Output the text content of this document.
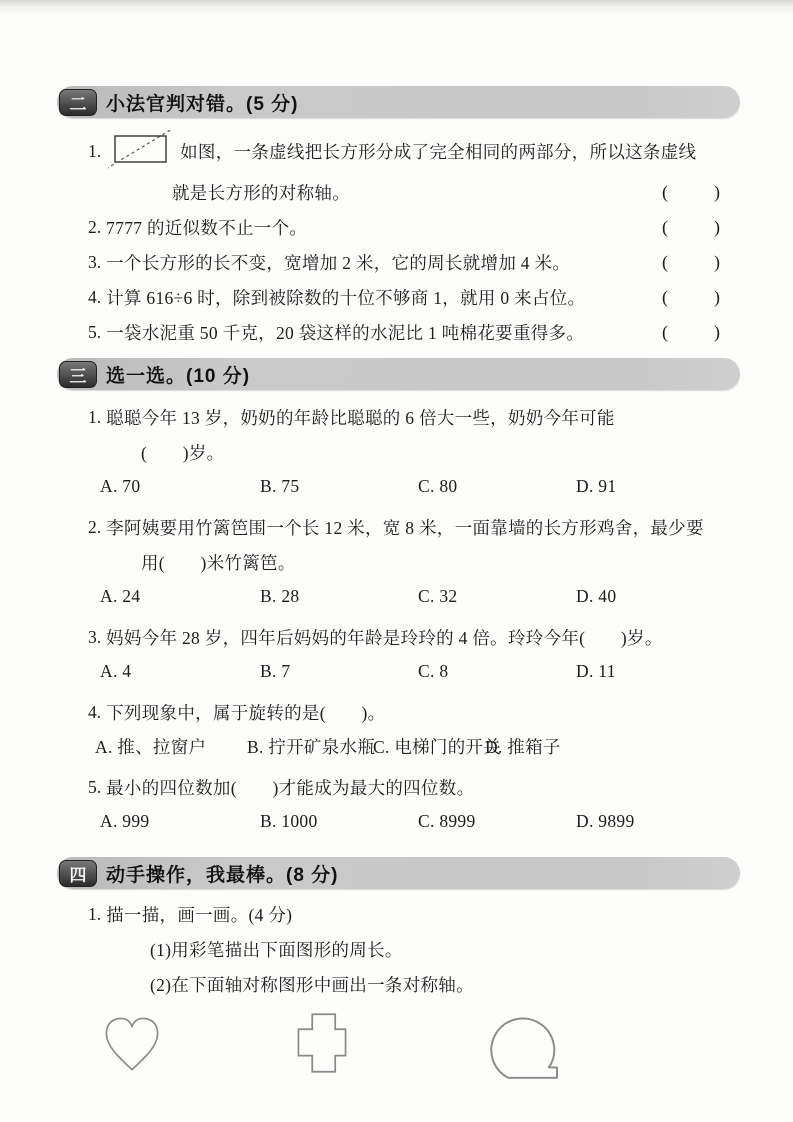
二	小法官判对错。(5 分)
1.	如图，一条虚线把长方形分成了完全相同的两部分，所以这条虚线
就是长方形的对称轴。	(	)
2. 7777 的近似数不止一个。	(	)
3. 一个长方形的长不变，宽增加 2 米，它的周长就增加 4 米。	(	)
4. 计算 616÷6 时，除到被除数的十位不够商 1，就用 0 来占位。	(	)
5. 一袋水泥重 50 千克，20 袋这样的水泥比 1 吨棉花要重得多。	(	)
三	选一选。(10 分)
1. 聪聪今年 13 岁，奶奶的年龄比聪聪的 6 倍大一些，奶奶今年可能
(　　)岁。
A. 70	B. 75	C. 80	D. 91
2. 李阿姨要用竹篱笆围一个长 12 米，宽 8 米，一面靠墙的长方形鸡舍，最少要
用(　　)米竹篱笆。
A. 24	B. 28	C. 32	D. 40
3. 妈妈今年 28 岁，四年后妈妈的年龄是玲玲的 4 倍。玲玲今年(　　)岁。
A. 4	B. 7	C. 8	D. 11
4. 下列现象中，属于旋转的是(　　)。
A. 推、拉窗户	B. 拧开矿泉水瓶
C. 电梯门的开关
D. 推箱子
5. 最小的四位数加(　　)才能成为最大的四位数。
A. 999	B. 1000	C. 8999	D. 9899
四	动手操作，我最棒。(8 分)
1. 描一描，画一画。(4 分)
(1)用彩笔描出下面图形的周长。
(2)在下面轴对称图形中画出一条对称轴。
